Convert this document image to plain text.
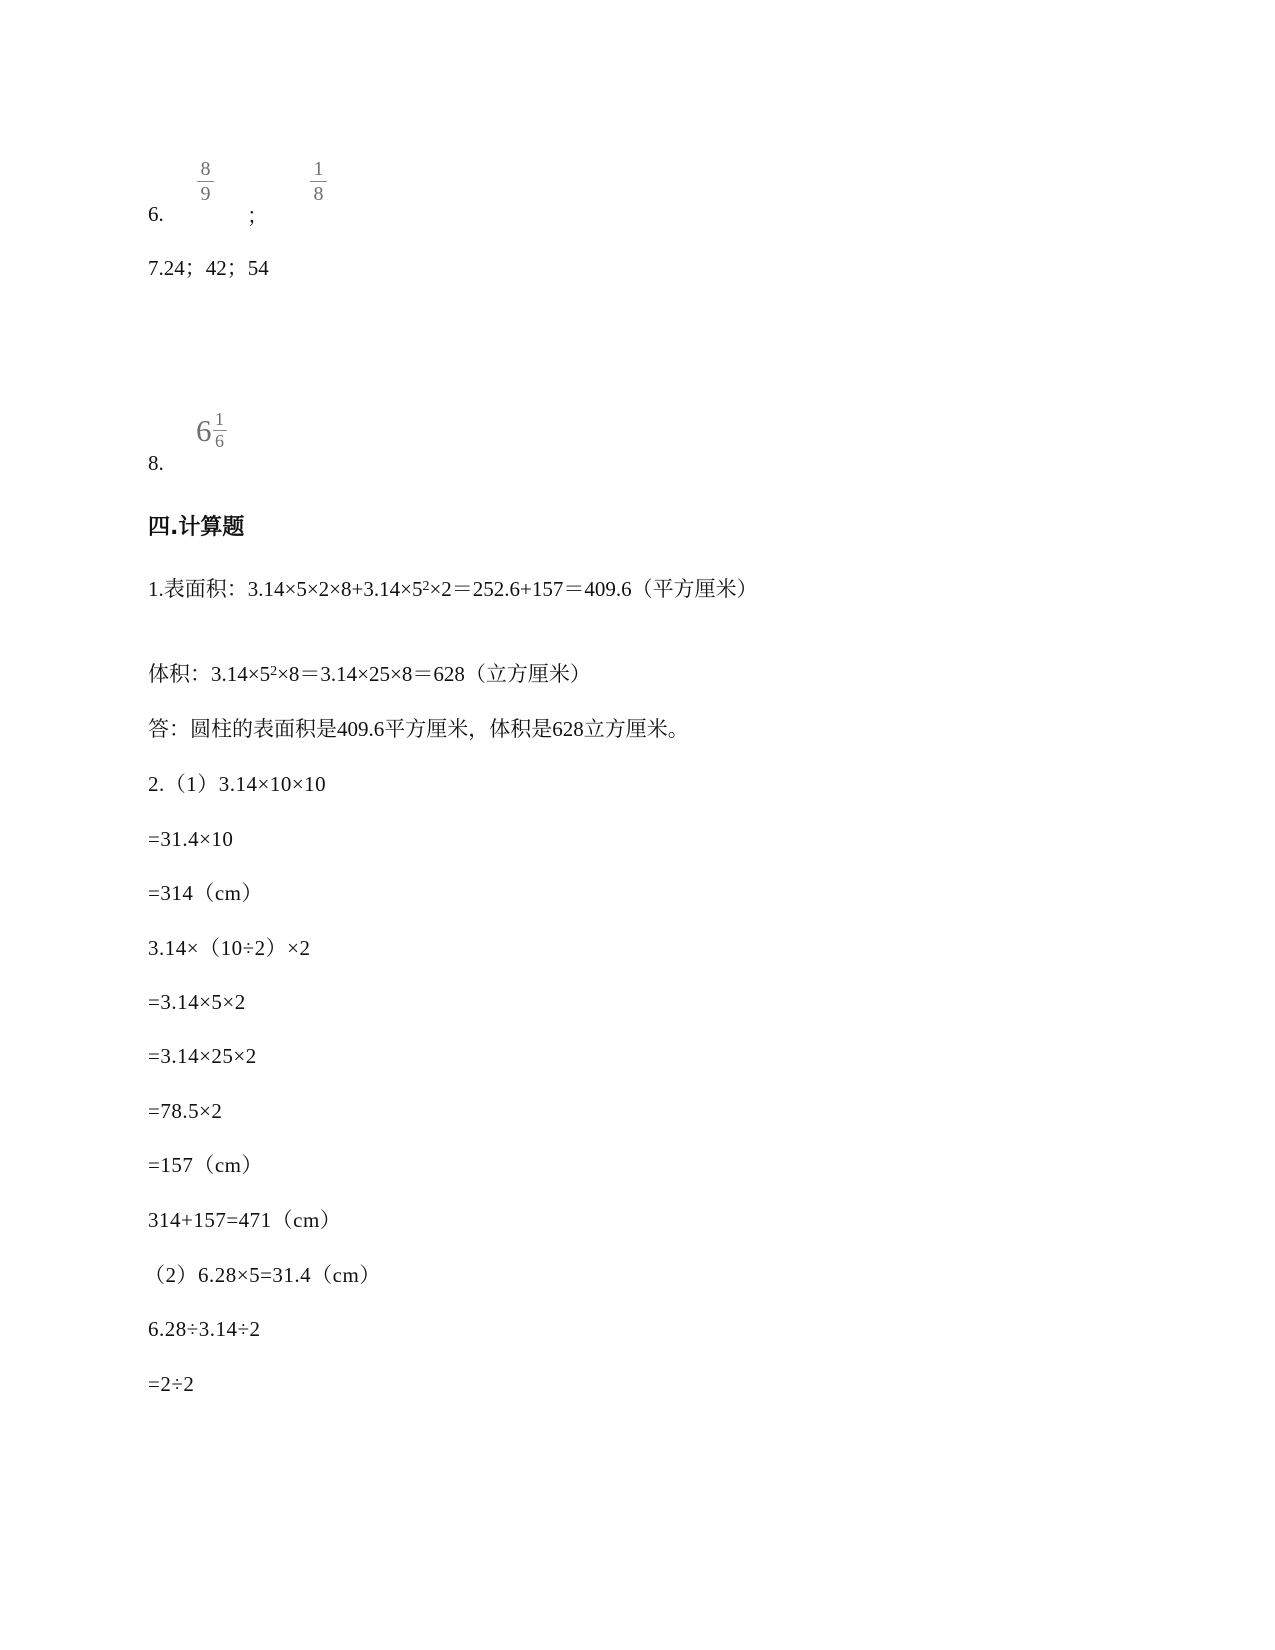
6.
8
9
；
1
8
7.24；42；54
8.
$6 \frac{1}{6}$
四.计算题
1.表面积：$3.14\times 5\times 2\times 8+3.14\times 5^2\times 2=252.6+157=409.6$（平方厘米）
体积：$3.14\times 5^2\times 8=3.14\times 25\times 8=628$（立方厘米）
答：圆柱的表面积是409.6平方厘米，体积是628立方厘米。
2.（1）3.14×10×10
=31.4×10
=314（cm）
3.14×（10÷2）×2
=3.14×5×2
=3.14×25×2
=78.5×2
=157（cm）
314+157=471（cm）
（2）6.28×5=31.4（cm）
6.28÷3.14÷2
=2÷2
